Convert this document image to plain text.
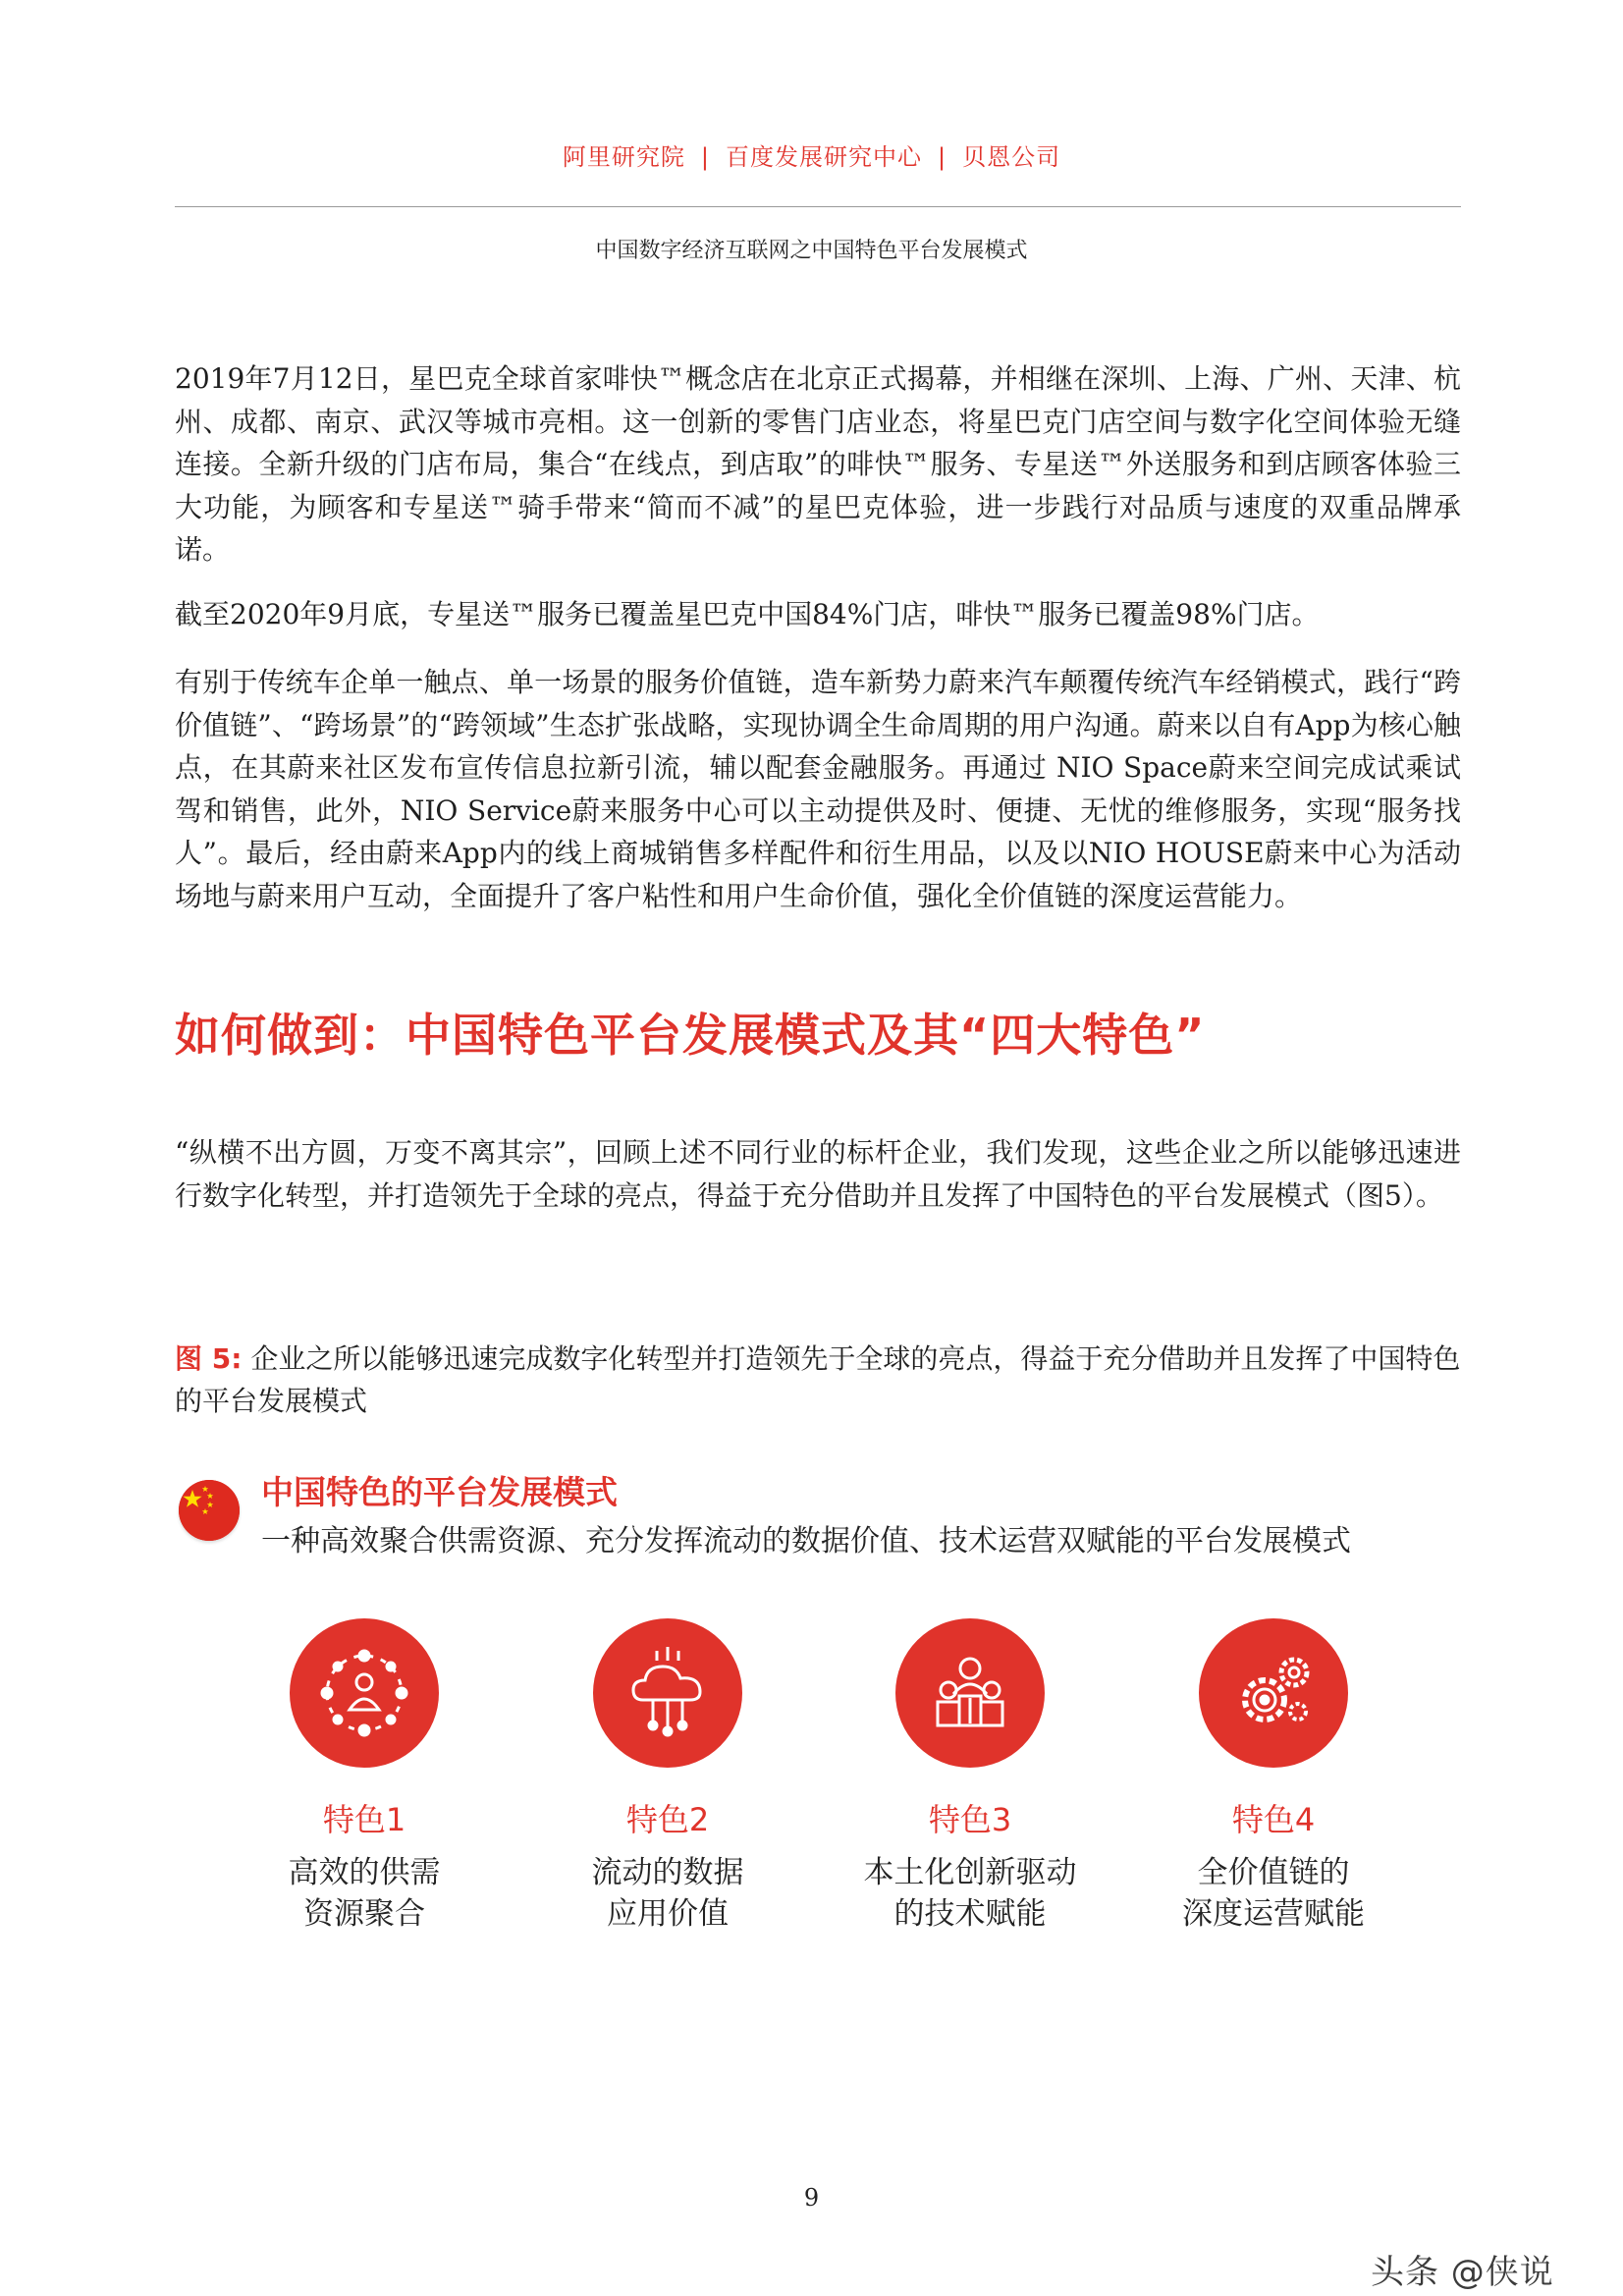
阿里研究院 | 百度发展研究中心 | 贝恩公司
中国数字经济互联网之中国特色平台发展模式
2019年7月12日，星巴克全球首家啡快™概念店在北京正式揭幕，并相继在深圳、上海、广州、天津、杭州、成都、南京、武汉等城市亮相。这一创新的零售门店业态，将星巴克门店空间与数字化空间体验无缝连接。全新升级的门店布局，集合“在线点，到店取”的啡快™服务、专星送™外送服务和到店顾客体验三大功能，为顾客和专星送™骑手带来“简而不减”的星巴克体验，进一步践行对品质与速度的双重品牌承诺。
截至2020年9月底，专星送™服务已覆盖星巴克中国84%门店，啡快™服务已覆盖98%门店。
有别于传统车企单一触点、单一场景的服务价值链，造车新势力蔚来汽车颠覆传统汽车经销模式，践行“跨价值链”、“跨场景”的“跨领域”生态扩张战略，实现协调全生命周期的用户沟通。蔚来以自有App为核心触点，在其蔚来社区发布宣传信息拉新引流，辅以配套金融服务。再通过 NIO Space蔚来空间完成试乘试驾和销售，此外，NIO Service蔚来服务中心可以主动提供及时、便捷、无忧的维修服务，实现“服务找人”。最后，经由蔚来App内的线上商城销售多样配件和衍生用品，以及以NIO HOUSE蔚来中心为活动场地与蔚来用户互动，全面提升了客户粘性和用户生命价值，强化全价值链的深度运营能力。
如何做到：中国特色平台发展模式及其“四大特色”
“纵横不出方圆，万变不离其宗”，回顾上述不同行业的标杆企业，我们发现，这些企业之所以能够迅速进行数字化转型，并打造领先于全球的亮点，得益于充分借助并且发挥了中国特色的平台发展模式（图5）。
图 5: 企业之所以能够迅速完成数字化转型并打造领先于全球的亮点，得益于充分借助并且发挥了中国特色的平台发展模式
中国特色的平台发展模式
一种高效聚合供需资源、充分发挥流动的数据价值、技术运营双赋能的平台发展模式
特色1
高效的供需
资源聚合
特色2
流动的数据
应用价值
特色3
本土化创新驱动
的技术赋能
特色4
全价值链的
深度运营赋能
9
头条 @侠说
